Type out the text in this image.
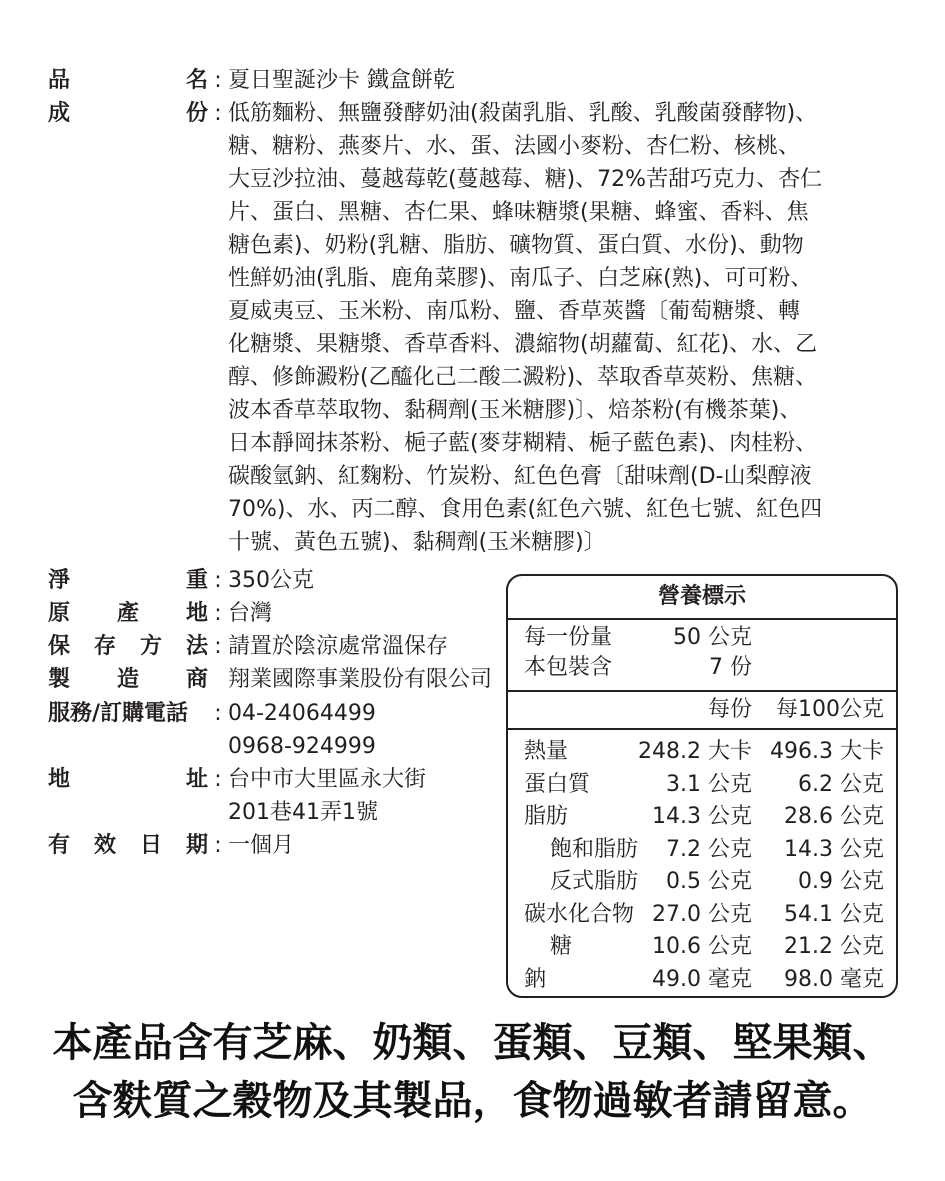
品	名 : 夏日聖誕沙卡 鐵盒餅乾
成	份 : 低筋麵粉、無鹽發酵奶油(殺菌乳脂、乳酸、乳酸菌發酵物)、
糖、糖粉、燕麥片、水、蛋、法國小麥粉、杏仁粉、核桃、
大豆沙拉油、蔓越莓乾(蔓越莓、糖)、72%苦甜巧克力、杏仁
片、蛋白、黑糖、杏仁果、蜂味糖漿(果糖、蜂蜜、香料、焦
糖色素)、奶粉(乳糖、脂肪、礦物質、蛋白質、水份)、動物
性鮮奶油(乳脂、鹿角菜膠)、南瓜子、白芝麻(熟)、可可粉、
夏威夷豆、玉米粉、南瓜粉、鹽、香草莢醬〔葡萄糖漿、轉
化糖漿、果糖漿、香草香料、濃縮物(胡蘿蔔、紅花)、水、乙
醇、修飾澱粉(乙醯化己二酸二澱粉)、萃取香草莢粉、焦糖、
波本香草萃取物、黏稠劑(玉米糖膠)〕、焙茶粉(有機茶葉)、
日本靜岡抹茶粉、梔子藍(麥芽糊精、梔子藍色素)、肉桂粉、
碳酸氫鈉、紅麴粉、竹炭粉、紅色色膏〔甜味劑(D-山梨醇液
70%)、水、丙二醇、食用色素(紅色六號、紅色七號、紅色四
十號、黃色五號)、黏稠劑(玉米糖膠)〕
淨	重 : 350公克
原 產 地 : 台灣
保 存 方 法 : 請置於陰涼處常溫保存
製 造 商 翔業國際事業股份有限公司
服務/訂購電話 : 04-24064499
0968-924999
地	址 : 台中市大里區永大街
201巷41弄1號
有 效 日 期 : 一個月
營養標示
每一份量	50 公克
本包裝含	7 份
每份 每100公克
熱量	248.2 大卡 496.3 大卡
蛋白質	3.1 公克 6.2 公克
脂肪	14.3 公克 28.6 公克
飽和脂肪 7.2 公克 14.3 公克
反式脂肪 0.5 公克 0.9 公克
碳水化合物 27.0 公克 54.1 公克
糖	10.6 公克 21.2 公克
鈉	49.0 毫克 98.0 毫克
本產品含有芝麻、奶類、蛋類、豆類、堅果類、
含麩質之穀物及其製品，食物過敏者請留意。
